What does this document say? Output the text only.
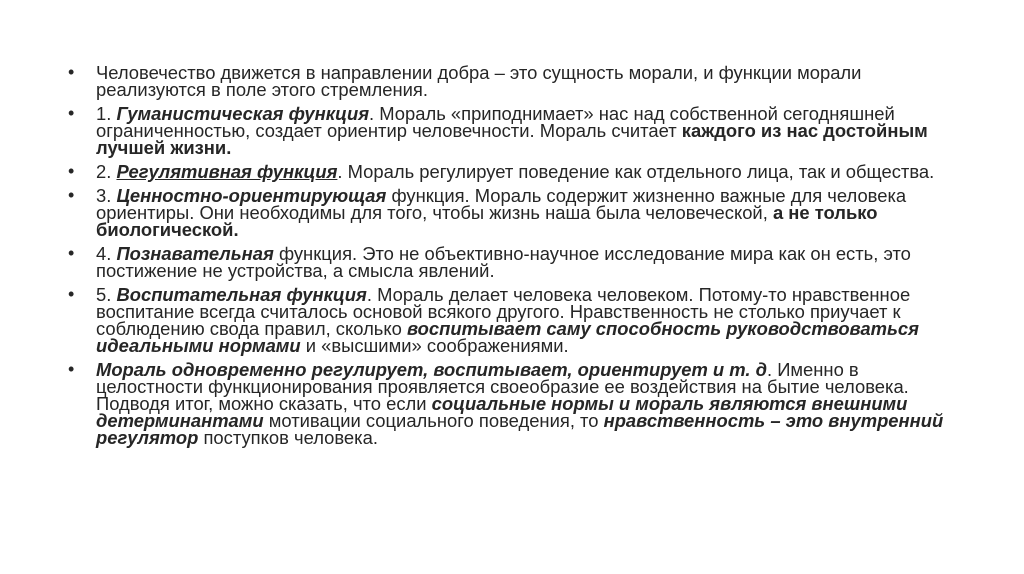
• Человечество движется в направлении добра – это сущность морали, и функции морали реализуются в поле этого стремления.
• 1. Гуманистическая функция. Мораль «приподнимает» нас над собственной сегодняшней ограниченностью, создает ориентир человечности. Мораль считает каждого из нас достойным лучшей жизни.
• 2. Регулятивная функция. Мораль регулирует поведение как отдельного лица, так и общества.
• 3. Ценностно-ориентирующая функция. Мораль содержит жизненно важные для человека ориентиры. Они необходимы для того, чтобы жизнь наша была человеческой, а не только биологической.
• 4. Познавательная функция. Это не объективно-научное исследование мира как он есть, это постижение не устройства, а смысла явлений.
• 5. Воспитательная функция. Мораль делает человека человеком. Потому-то нравственное воспитание всегда считалось основой всякого другого. Нравственность не столько приучает к соблюдению свода правил, сколько воспитывает саму способность руководствоваться идеальными нормами и «высшими» соображениями.
• Мораль одновременно регулирует, воспитывает, ориентирует и т. д. Именно в целостности функционирования проявляется своеобразие ее воздействия на бытие человека. Подводя итог, можно сказать, что если социальные нормы и мораль являются внешними детерминантами мотивации социального поведения, то нравственность – это внутренний регулятор поступков человека.
